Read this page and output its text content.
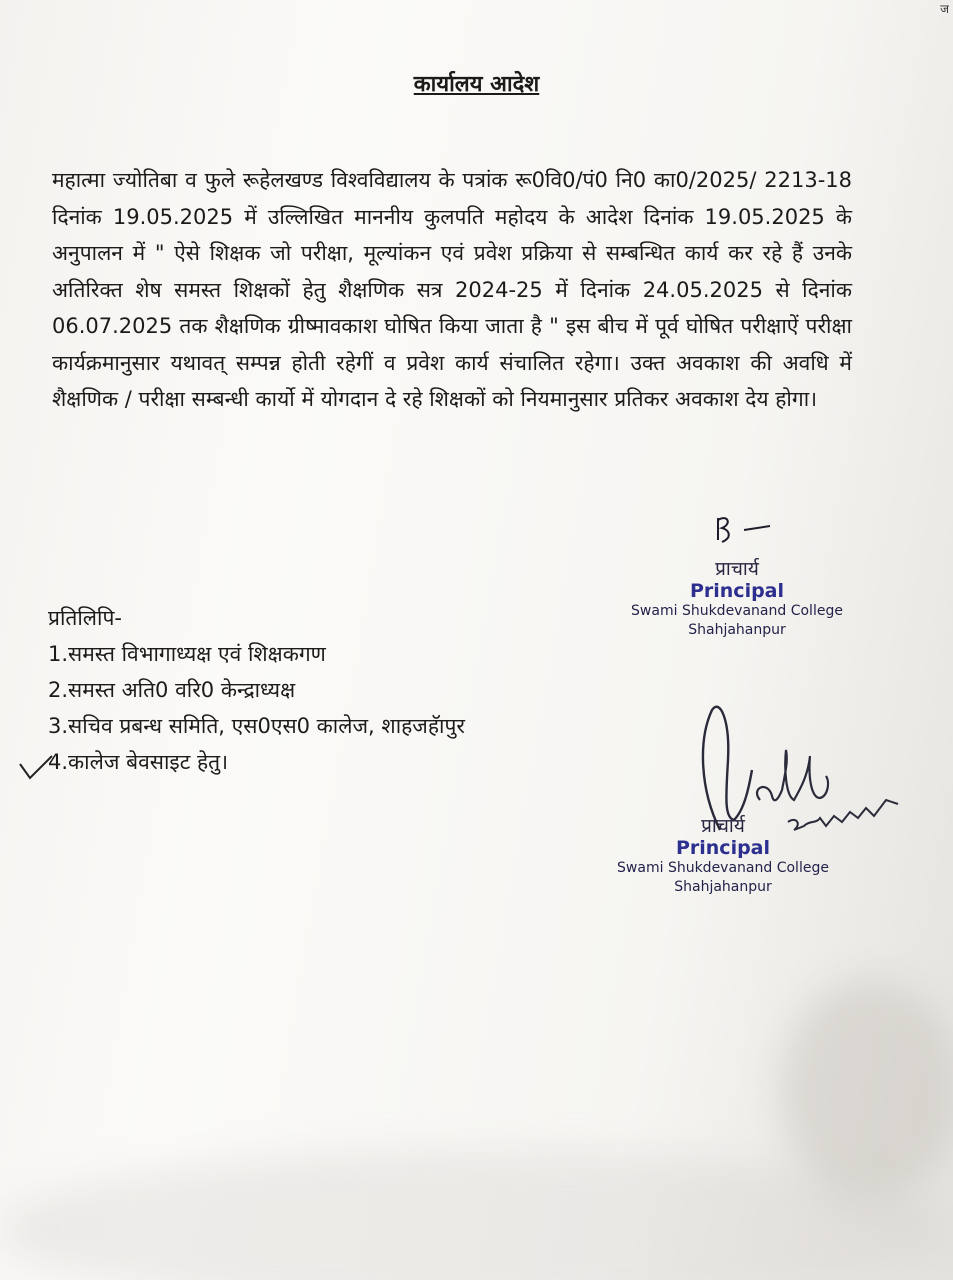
ज
कार्यालय आदेश
महात्मा ज्योतिबा व फुले रूहेलखण्ड विश्वविद्यालय के पत्रांक रू0वि0/पं0 नि0 का0/2025/ 2213-18 दिनांक 19.05.2025 में उल्लिखित माननीय कुलपति महोदय के आदेश दिनांक 19.05.2025 के अनुपालन में " ऐसे शिक्षक जो परीक्षा, मूल्यांकन एवं प्रवेश प्रक्रिया से सम्बन्धित कार्य कर रहे हैं उनके अतिरिक्त शेष समस्त शिक्षकों हेतु शैक्षणिक सत्र 2024-25 में दिनांक 24.05.2025 से दिनांक 06.07.2025 तक शैक्षणिक ग्रीष्मावकाश घोषित किया जाता है " इस बीच में पूर्व घोषित परीक्षाऐं परीक्षा कार्यक्रमानुसार यथावत् सम्पन्न होती रहेगीं व प्रवेश कार्य संचालित रहेगा। उक्त अवकाश की अवधि में शैक्षणिक / परीक्षा सम्बन्धी कार्यो में योगदान दे रहे शिक्षकों को नियमानुसार प्रतिकर अवकाश देय होगा।
प्राचार्य
Principal
Swami Shukdevanand College
Shahjahanpur
प्रतिलिपि-
1.समस्त विभागाध्यक्ष एवं शिक्षकगण
2.समस्त अति0 वरि0 केन्द्राध्यक्ष
3.सचिव प्रबन्ध समिति, एस0एस0 कालेज, शाहजहॅापुर
4.कालेज बेवसाइट हेतु।
प्राचार्य
Principal
Swami Shukdevanand College
Shahjahanpur
